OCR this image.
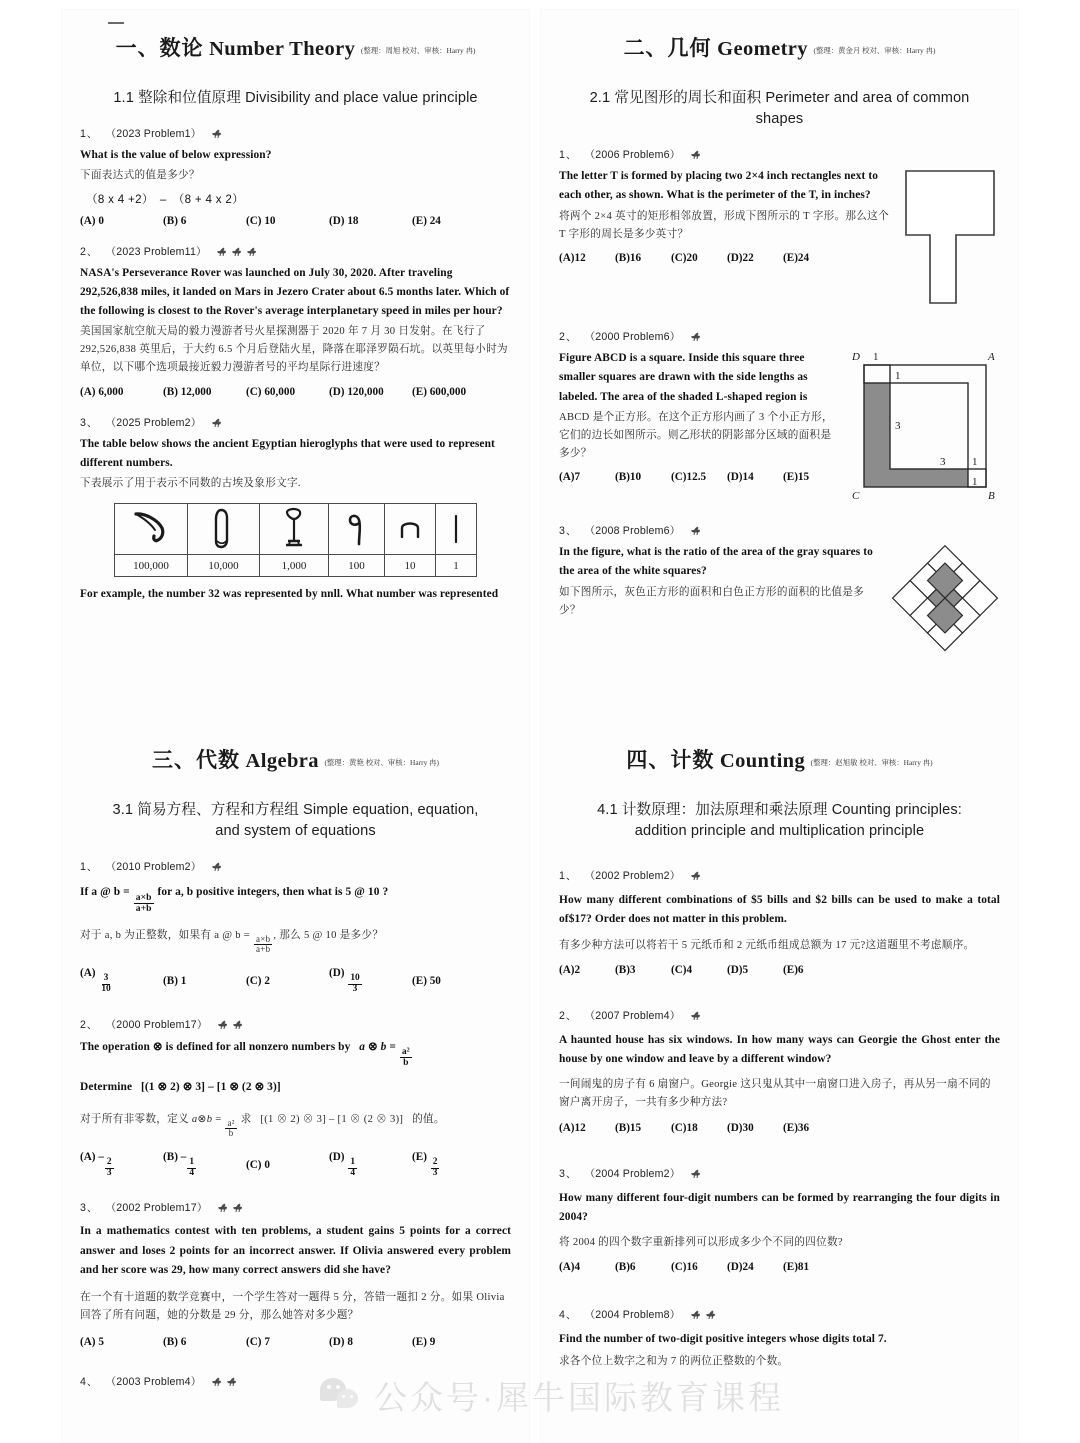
一、数论 Number Theory (整理：周旭 校对、审核：Harry 冉)
1.1 整除和位值原理 Divisibility and place value principle
1、 （2023 Problem1）
What is the value of below expression?
下面表达式的值是多少？
（8 x 4 +2）　–　（8 + 4 x 2）
(A) 0	(B) 6	(C) 10	(D) 18	(E) 24
2、 （2023 Problem11）
NASA's Perseverance Rover was launched on July 30, 2020. After traveling 292,526,838 miles, it landed on Mars in Jezero Crater about 6.5 months later. Which of the following is closest to the Rover's average interplanetary speed in miles per hour?
美国国家航空航天局的毅力漫游者号火星探测器于 2020 年 7 月 30 日发射。在飞行了 292,526,838 英里后，于大约 6.5 个月后登陆火星，降落在耶泽罗陨石坑。以英里每小时为单位，以下哪个选项最接近毅力漫游者号的平均星际行进速度？
(A) 6,000	(B) 12,000	(C) 60,000	(D) 120,000	(E) 600,000
3、 （2025 Problem2）
The table below shows the ancient Egyptian hieroglyphs that were used to represent different numbers.
下表展示了用于表示不同数的古埃及象形文字.

100,000	10,000	1,000	100	10	1
For example, the number 32 was represented by nnll. What number was represented
二、几何 Geometry (整理：黄金月 校对、审核：Harry 冉)
2.1 常见图形的周长和面积 Perimeter and area of common shapes
1、 （2006 Problem6）
The letter T is formed by placing two 2×4 inch rectangles next to each other, as shown. What is the perimeter of the T, in inches?
将两个 2×4 英寸的矩形相邻放置，形成下图所示的 T 字形。那么这个 T 字形的周长是多少英寸？
(A)12	(B)16	(C)20	(D)22	(E)24
2、 （2000 Problem6）
Figure ABCD is a square. Inside this square three smaller squares are drawn with the side lengths as labeled. The area of the shaded L-shaped region is
ABCD 是个正方形。在这个正方形内画了 3 个小正方形，它们的边长如图所示。则乙形状的阴影部分区域的面积是多少？
(A)7	(B)10	(C)12.5	(D)14	(E)15
D	A
C	B
1
1
3
3 1
1
3、 （2008 Problem6）
In the figure, what is the ratio of the area of the gray squares to the area of the white squares?
如下图所示，灰色正方形的面积和白色正方形的面积的比值是多少？
三、代数 Algebra (整理：黄艳 校对、审核：Harry 冉)
3.1 简易方程、方程和方程组 Simple equation, equation, and system of equations
1、 （2010 Problem2）
If a @ b =
$\frac{a\times b}{a+b}$
for a, b positive integers, then what is 5 @ 10 ?
对于 a, b 为正整数，如果有 a @ $b = \frac{a\times b}{a+b}$ , 那么 5 @ 10 是多少？
(A)
$\frac{3}{10}$	(B) 1	(C) 2
(D)
$\frac{10}{3}$	(E) 50
2、 （2000 Problem17）
The operation ⊗ is defined for all nonzero numbers by   a ⊗ b =
$\frac{\text{a²}}{b}$
Determine   [(1 ⊗ 2) ⊗ 3] – [1 ⊗ (2 ⊗ 3)]
对于所有非零数，定义 a⊗b = $\frac{\text{a²}}{b}$ 求   [(1 ⊗ 2) ⊗ 3] – [1 ⊗ (2 ⊗ 3)]   的值。
(A) –
$\frac{2}{3}$
(B) –
$\frac{1}{4}$	(C) 0
(D)
$\frac{1}{4}$
(E)
$\frac{2}{3}$
3、 （2002 Problem17）
In a mathematics contest with ten problems, a student gains 5 points for a correct answer and loses 2 points for an incorrect answer. If Olivia answered every problem and her score was 29, how many correct answers did she have?
在一个有十道题的数学竞赛中，一个学生答对一题得 5 分，答错一题扣 2 分。如果 Olivia 回答了所有问题，她的分数是 29 分，那么她答对多少题？
(A) 5	(B) 6	(C) 7	(D) 8	(E) 9
4、 （2003 Problem4）
四、计数 Counting (整理：赵旭敏 校对、审核：Harry 冉)
4.1 计数原理：加法原理和乘法原理 Counting principles: addition principle and multiplication principle
1、 （2002 Problem2）
How many different combinations of $5 bills and $2 bills can be used to make a total of$17? Order does not matter in this problem.
有多少种方法可以将若干 5 元纸币和 2 元纸币组成总额为 17 元?这道题里不考虑顺序。
(A)2	(B)3	(C)4	(D)5	(E)6
2、 （2007 Problem4）
A haunted house has six windows. In how many ways can Georgie the Ghost enter the house by one window and leave by a different window?
一间闹鬼的房子有 6 扇窗户。Georgie 这只鬼从其中一扇窗口进入房子，再从另一扇不同的窗户离开房子，一共有多少种方法?
(A)12	(B)15	(C)18	(D)30	(E)36
3、 （2004 Problem2）
How many different four-digit numbers can be formed by rearranging the four digits in 2004?
将 2004 的四个数字重新排列可以形成多少个不同的四位数?
(A)4	(B)6	(C)16	(D)24	(E)81
4、 （2004 Problem8）
Find the number of two-digit positive integers whose digits total 7.
求各个位上数字之和为 7 的两位正整数的个数。
公众号·犀牛国际教育课程
